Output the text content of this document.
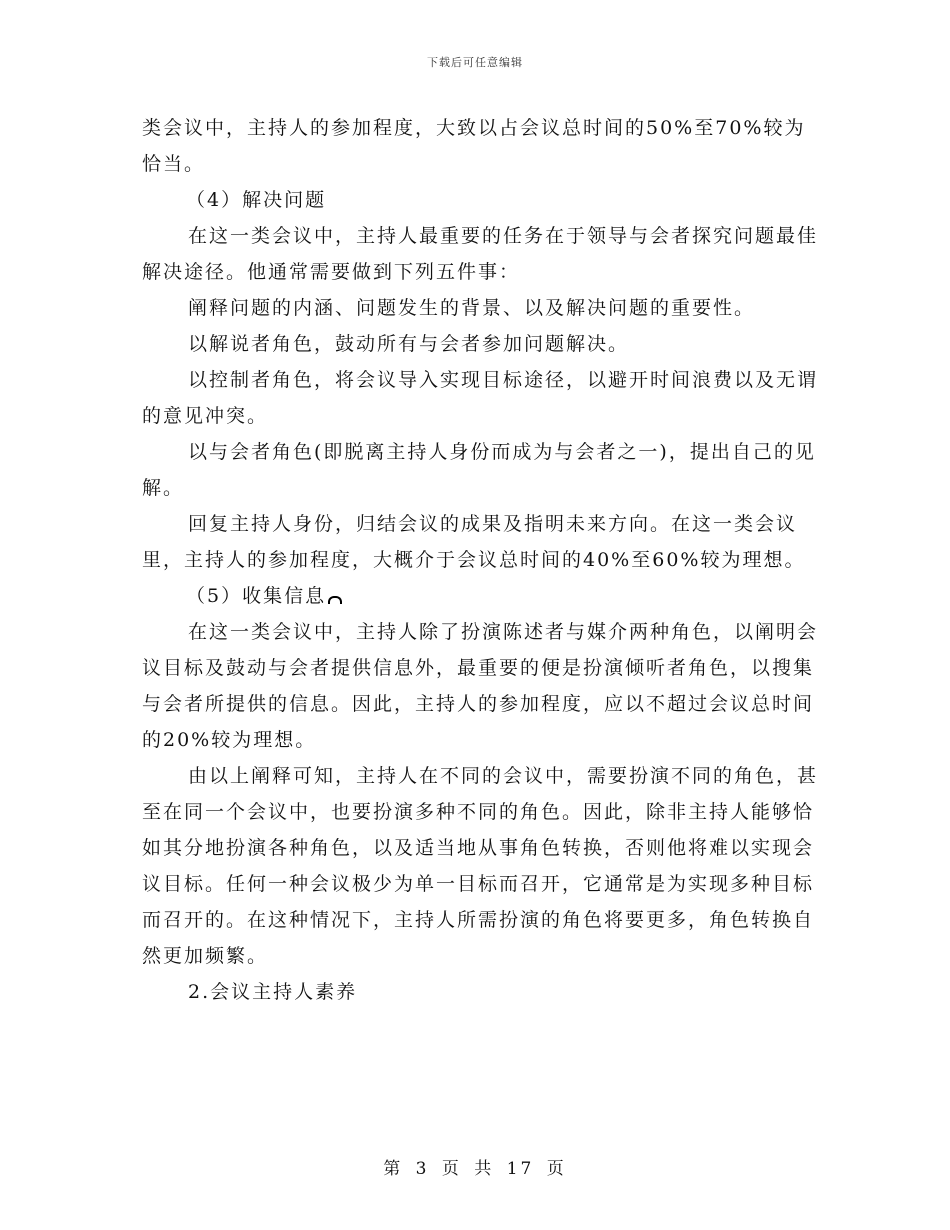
下载后可任意编辑

类会议中，主持人的参加程度，大致以占会议总时间的50%至70%较为恰当。

（4）解决问题

在这一类会议中，主持人最重要的任务在于领导与会者探究问题最佳解决途径。他通常需要做到下列五件事：

阐释问题的内涵、问题发生的背景、以及解决问题的重要性。

以解说者角色，鼓动所有与会者参加问题解决。

以控制者角色，将会议导入实现目标途径，以避开时间浪费以及无谓的意见冲突。

以与会者角色(即脱离主持人身份而成为与会者之一)，提出自己的见解。

回复主持人身份，归结会议的成果及指明未来方向。在这一类会议里，主持人的参加程度，大概介于会议总时间的40%至60%较为理想。

（5）收集信息

在这一类会议中，主持人除了扮演陈述者与媒介两种角色，以阐明会议目标及鼓动与会者提供信息外，最重要的便是扮演倾听者角色，以搜集与会者所提供的信息。因此，主持人的参加程度，应以不超过会议总时间的20%较为理想。

由以上阐释可知，主持人在不同的会议中，需要扮演不同的角色，甚至在同一个会议中，也要扮演多种不同的角色。因此，除非主持人能够恰如其分地扮演各种角色，以及适当地从事角色转换，否则他将难以实现会议目标。任何一种会议极少为单一目标而召开，它通常是为实现多种目标而召开的。在这种情况下，主持人所需扮演的角色将要更多，角色转换自然更加频繁。

2.会议主持人素养

第 3 页 共 17 页
